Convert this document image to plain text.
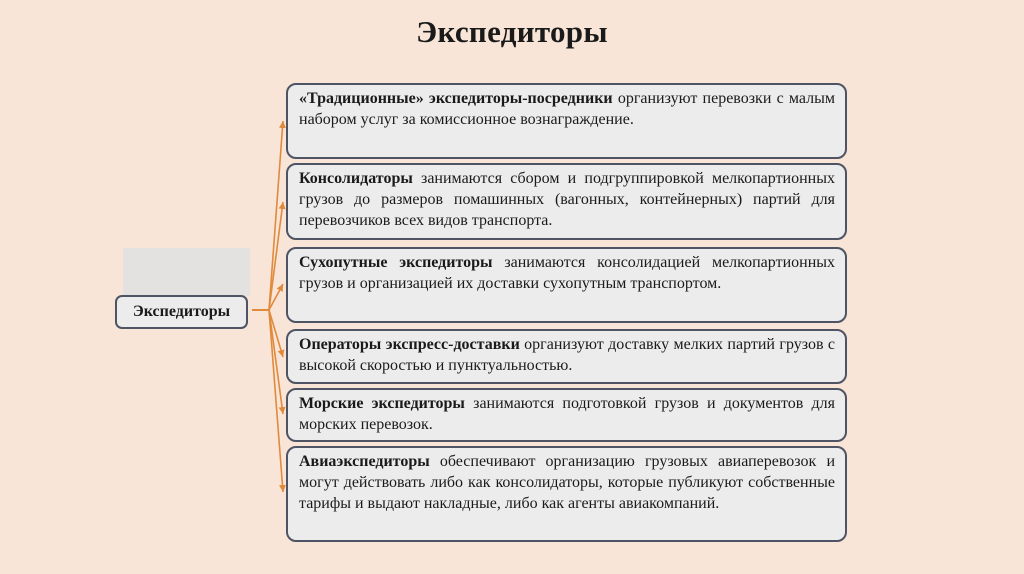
Экспедиторы
Экспедиторы
«Традиционные» экспедиторы-посредники организуют перевозки с малым набором услуг за комиссионное вознаграждение.
Консолидаторы занимаются сбором и подгруппировкой мелкопартионных грузов до размеров помашинных (вагонных, контейнерных) партий для перевозчиков всех видов транспорта.
Сухопутные экспедиторы занимаются консолидацией мелкопартионных грузов и организацией их доставки сухопутным транспортом.
Операторы экспресс-доставки организуют доставку мелких партий грузов с высокой скоростью и пунктуальностью.
Морские экспедиторы занимаются подготовкой грузов и документов для морских перевозок.
Авиаэкспедиторы обеспечивают организацию грузовых авиаперевозок и могут действовать либо как консолидаторы, которые публикуют собственные тарифы и выдают накладные, либо как агенты авиакомпаний.
